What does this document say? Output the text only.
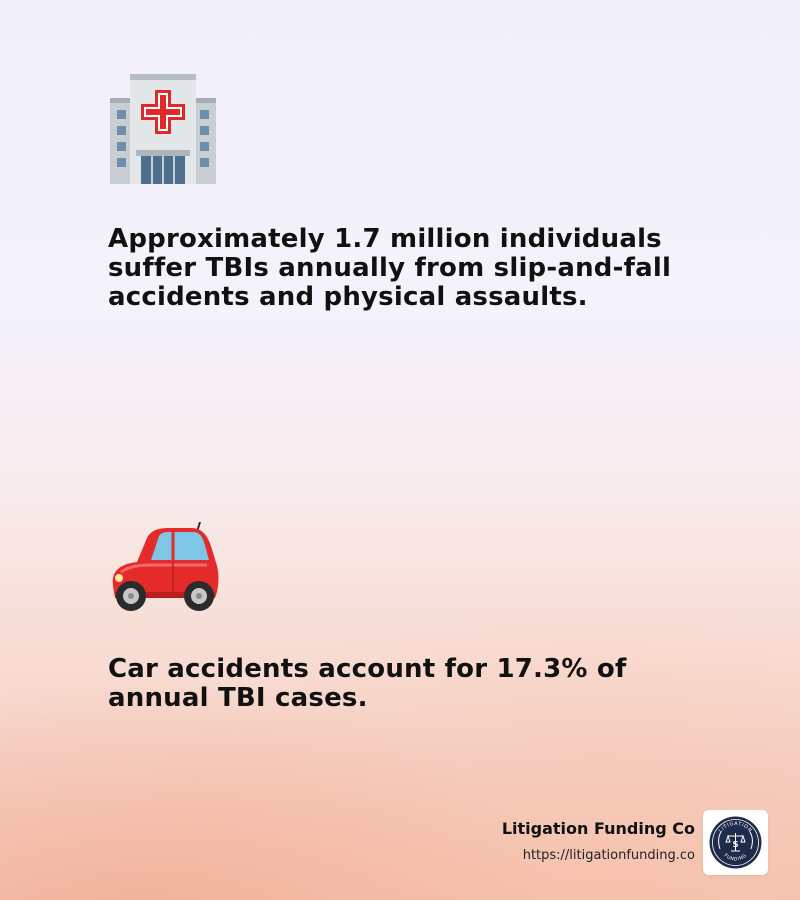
Approximately 1.7 million individuals suffer TBIs annually from slip-and-fall accidents and physical assaults.

Car accidents account for 17.3% of annual TBI cases.

Litigation Funding Co
https://litigationfunding.co
LITIGATION
FUNDING
$
